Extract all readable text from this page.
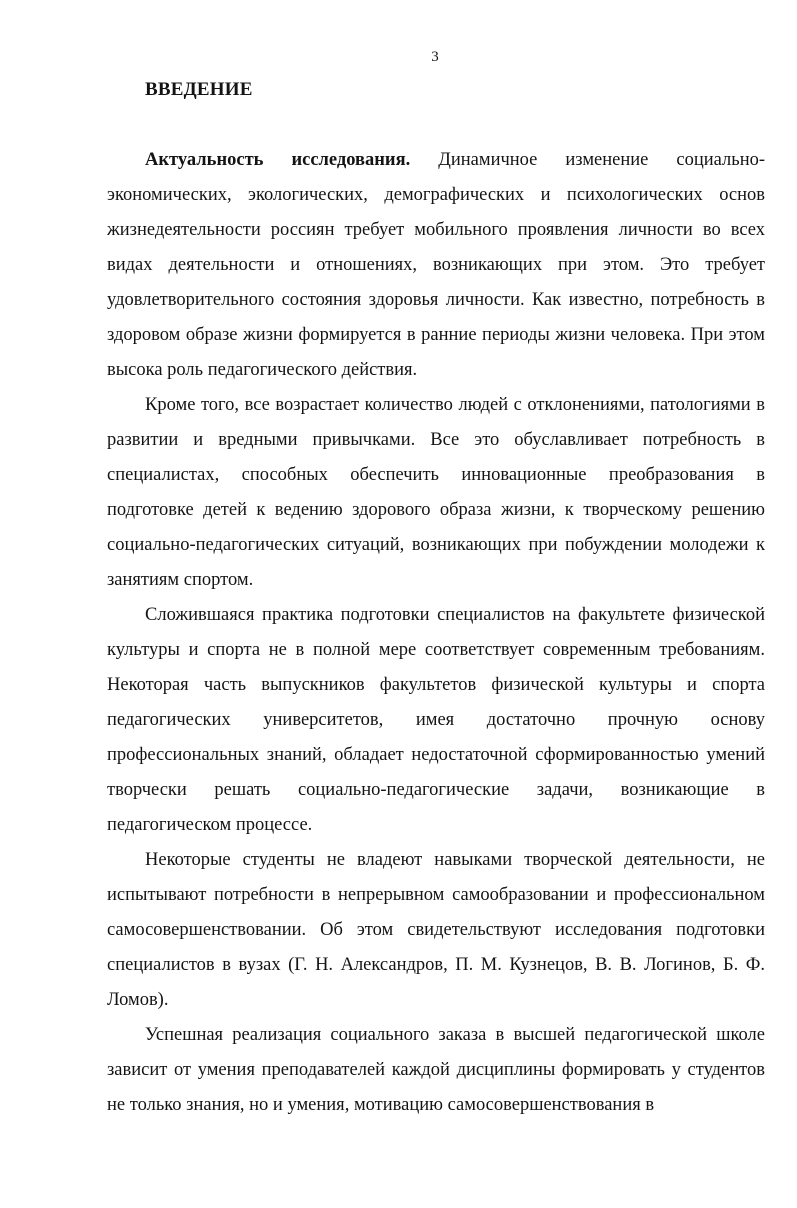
3
ВВЕДЕНИЕ

Актуальность исследования. Динамичное изменение социально-экономических, экологических, демографических и психологических основ жизнедеятельности россиян требует мобильного проявления личности во всех видах деятельности и отношениях, возникающих при этом. Это требует удовлетворительного состояния здоровья личности. Как известно, потребность в здоровом образе жизни формируется в ранние периоды жизни человека. При этом высока роль педагогического действия.

Кроме того, все возрастает количество людей с отклонениями, патологиями в развитии и вредными привычками. Все это обуславливает потребность в специалистах, способных обеспечить инновационные преобразования в подготовке детей к ведению здорового образа жизни, к творческому решению социально-педагогических ситуаций, возникающих при побуждении молодежи к занятиям спортом.

Сложившаяся практика подготовки специалистов на факультете физической культуры и спорта не в полной мере соответствует современным требованиям. Некоторая часть выпускников факультетов физической культуры и спорта педагогических университетов, имея достаточно прочную основу профессиональных знаний, обладает недостаточной сформированностью умений творчески решать социально-педагогические задачи, возникающие в педагогическом процессе.

Некоторые студенты не владеют навыками творческой деятельности, не испытывают потребности в непрерывном самообразовании и профессиональном самосовершенствовании. Об этом свидетельствуют исследования подготовки специалистов в вузах (Г. Н. Александров, П. М. Кузнецов, В. В. Логинов, Б. Ф. Ломов).

Успешная реализация социального заказа в высшей педагогической школе зависит от умения преподавателей каждой дисциплины формировать у студентов не только знания, но и умения, мотивацию самосовершенствования в
